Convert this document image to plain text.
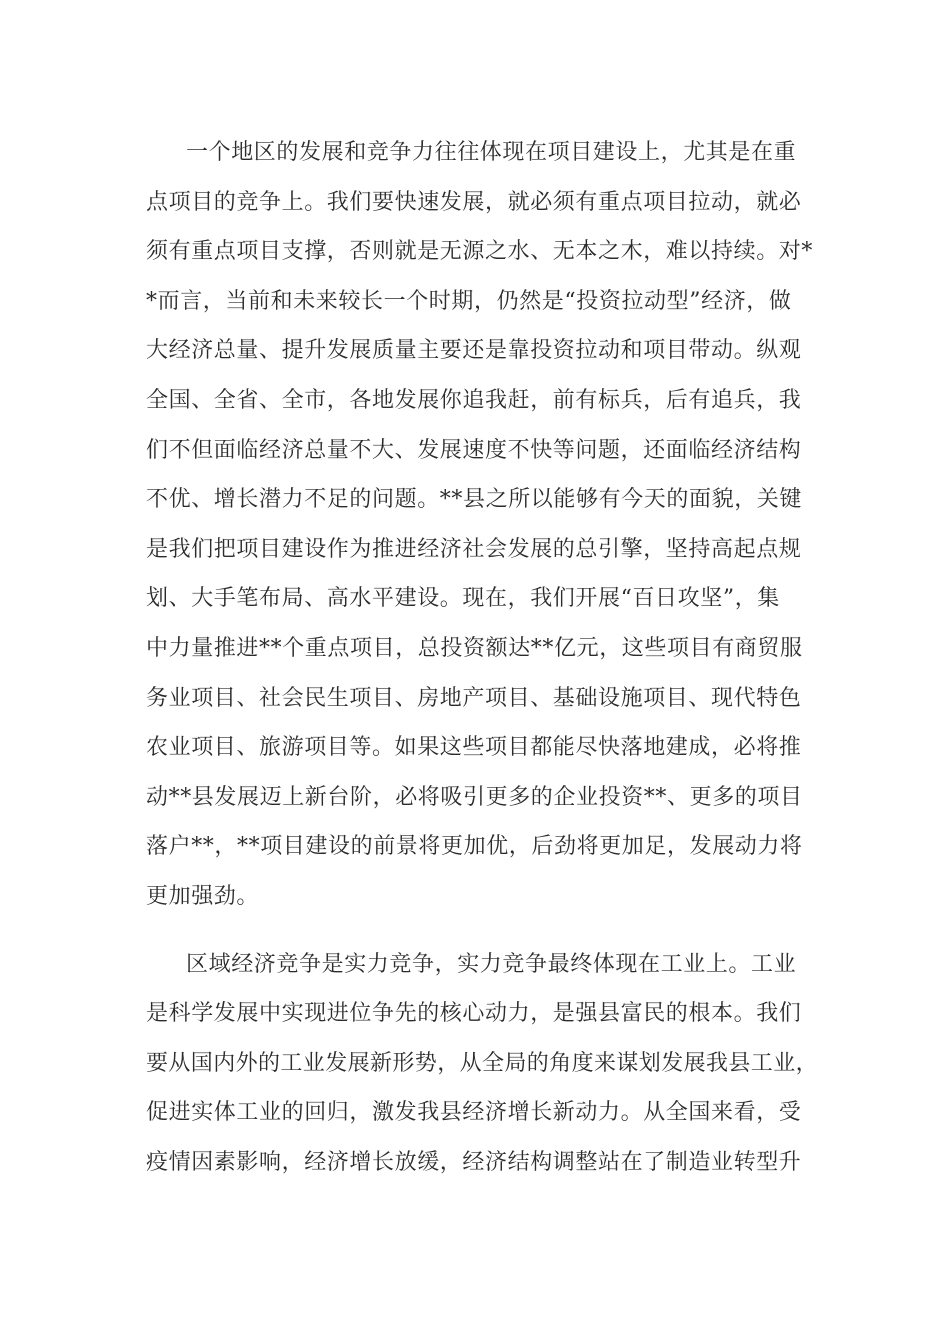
一个地区的发展和竞争力往往体现在项目建设上，尤其是在重
点项目的竞争上。我们要快速发展，就必须有重点项目拉动，就必
须有重点项目支撑，否则就是无源之水、无本之木，难以持续。对*
*而言，当前和未来较长一个时期，仍然是“投资拉动型”经济，做
大经济总量、提升发展质量主要还是靠投资拉动和项目带动。纵观
全国、全省、全市，各地发展你追我赶，前有标兵，后有追兵，我
们不但面临经济总量不大、发展速度不快等问题，还面临经济结构
不优、增长潜力不足的问题。**县之所以能够有今天的面貌，关键
是我们把项目建设作为推进经济社会发展的总引擎，坚持高起点规
划、大手笔布局、高水平建设。现在，我们开展“百日攻坚”，集
中力量推进**个重点项目，总投资额达**亿元，这些项目有商贸服
务业项目、社会民生项目、房地产项目、基础设施项目、现代特色
农业项目、旅游项目等。如果这些项目都能尽快落地建成，必将推
动**县发展迈上新台阶，必将吸引更多的企业投资**、更多的项目
落户**，**项目建设的前景将更加优，后劲将更加足，发展动力将
更加强劲。

区域经济竞争是实力竞争，实力竞争最终体现在工业上。工业
是科学发展中实现进位争先的核心动力，是强县富民的根本。我们
要从国内外的工业发展新形势，从全局的角度来谋划发展我县工业，
促进实体工业的回归，激发我县经济增长新动力。从全国来看，受
疫情因素影响，经济增长放缓，经济结构调整站在了制造业转型升
